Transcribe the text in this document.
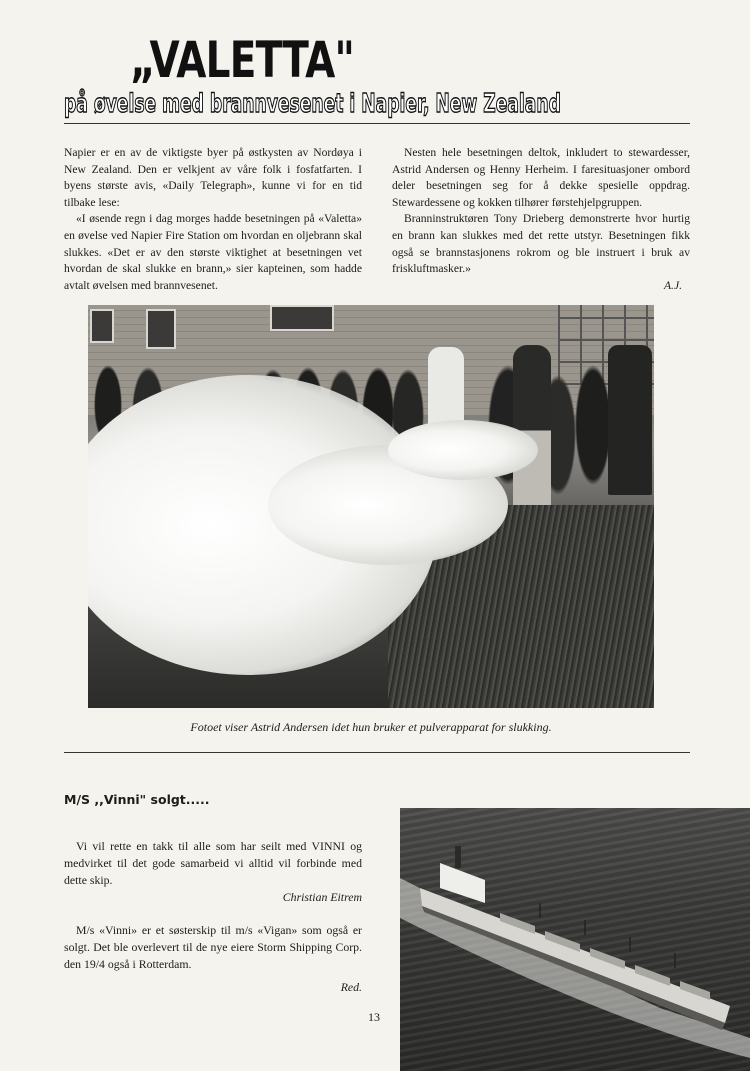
„VALETTA"
på øvelse med brannvesenet i Napier, New Zealand

Napier er en av de viktigste byer på østkysten av Nordøya i New Zealand. Den er velkjent av våre folk i fosfatfarten. I byens største avis, «Daily Telegraph», kunne vi for en tid tilbake lese:

«I øsende regn i dag morges hadde besetningen på «Valetta» en øvelse ved Napier Fire Station om hvordan en oljebrann skal slukkes. «Det er av den største viktighet at besetningen vet hvordan de skal slukke en brann,» sier kapteinen, som hadde avtalt øvelsen med brannvesenet.

Nesten hele besetningen deltok, inkludert to stewardesser, Astrid Andersen og Henny Herheim. I faresituasjoner ombord deler besetningen seg for å dekke spesielle oppdrag. Stewardessene og kokken tilhører førstehjelpgruppen.

Branninstruktøren Tony Drieberg demonstrerte hvor hurtig en brann kan slukkes med det rette utstyr. Besetningen fikk også se brannstasjonens rokrom og ble instruert i bruk av friskluftmasker.»

A.J.
Fotoet viser Astrid Andersen idet hun bruker et pulverapparat for slukking.
M/S ,,Vinni" solgt.....

Vi vil rette en takk til alle som har seilt med VINNI og medvirket til det gode samarbeid vi alltid vil forbinde med dette skip.

Christian Eitrem

M/s «Vinni» er et søsterskip til m/s «Vigan» som også er solgt. Det ble overlevert til de nye eiere Storm Shipping Corp. den 19/4 også i Rotterdam.

Red.
13
